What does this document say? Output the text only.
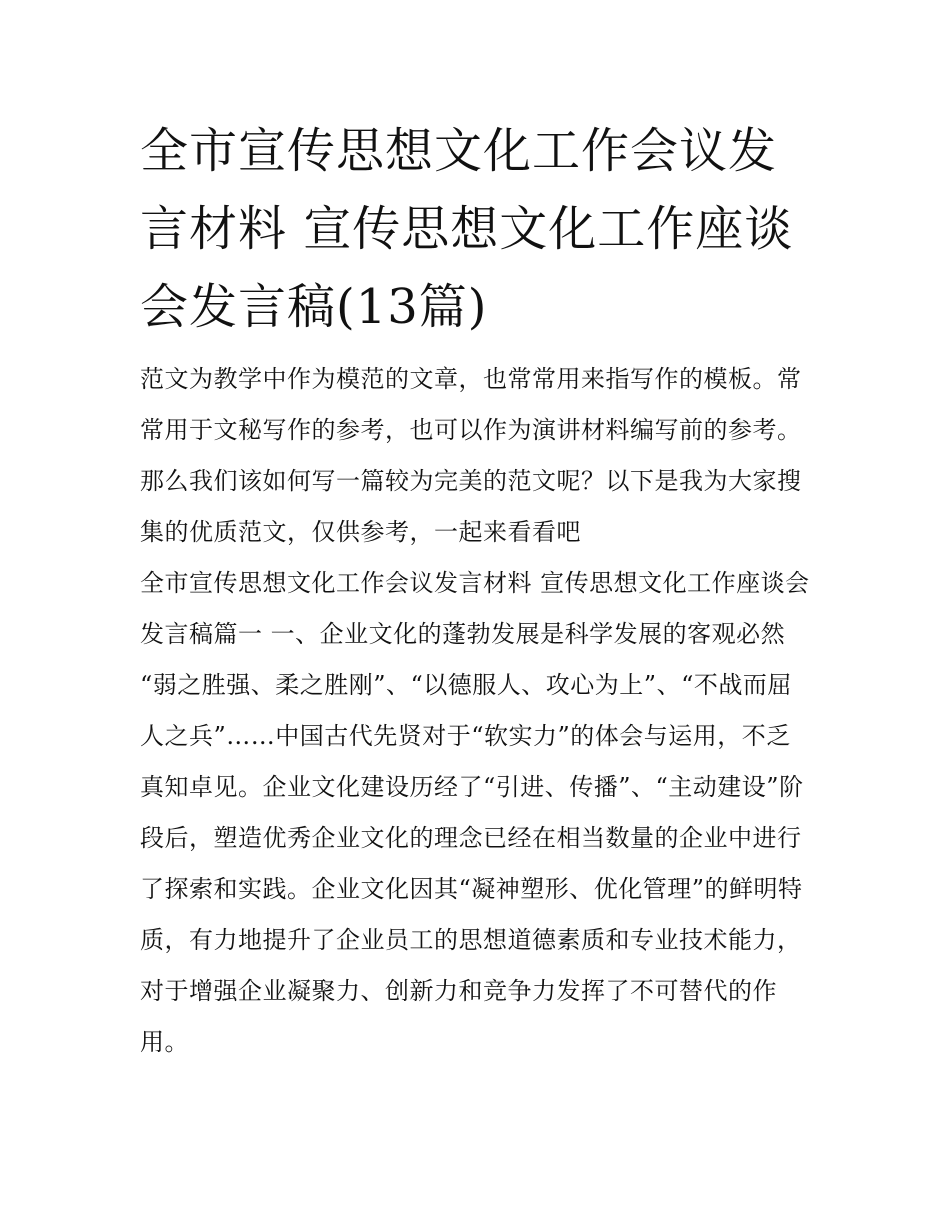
全市宣传思想文化工作会议发言材料 宣传思想文化工作座谈会发言稿(13篇)

范文为教学中作为模范的文章，也常常用来指写作的模板。常常用于文秘写作的参考，也可以作为演讲材料编写前的参考。那么我们该如何写一篇较为完美的范文呢？以下是我为大家搜集的优质范文，仅供参考，一起来看看吧

全市宣传思想文化工作会议发言材料 宣传思想文化工作座谈会发言稿篇一 一、企业文化的蓬勃发展是科学发展的客观必然

“弱之胜强、柔之胜刚”、“以德服人、攻心为上”、“不战而屈人之兵”……中国古代先贤对于“软实力”的体会与运用，不乏真知卓见。企业文化建设历经了“引进、传播”、“主动建设”阶段后，塑造优秀企业文化的理念已经在相当数量的企业中进行了探索和实践。企业文化因其“凝神塑形、优化管理”的鲜明特质，有力地提升了企业员工的思想道德素质和专业技术能力，对于增强企业凝聚力、创新力和竞争力发挥了不可替代的作用。
